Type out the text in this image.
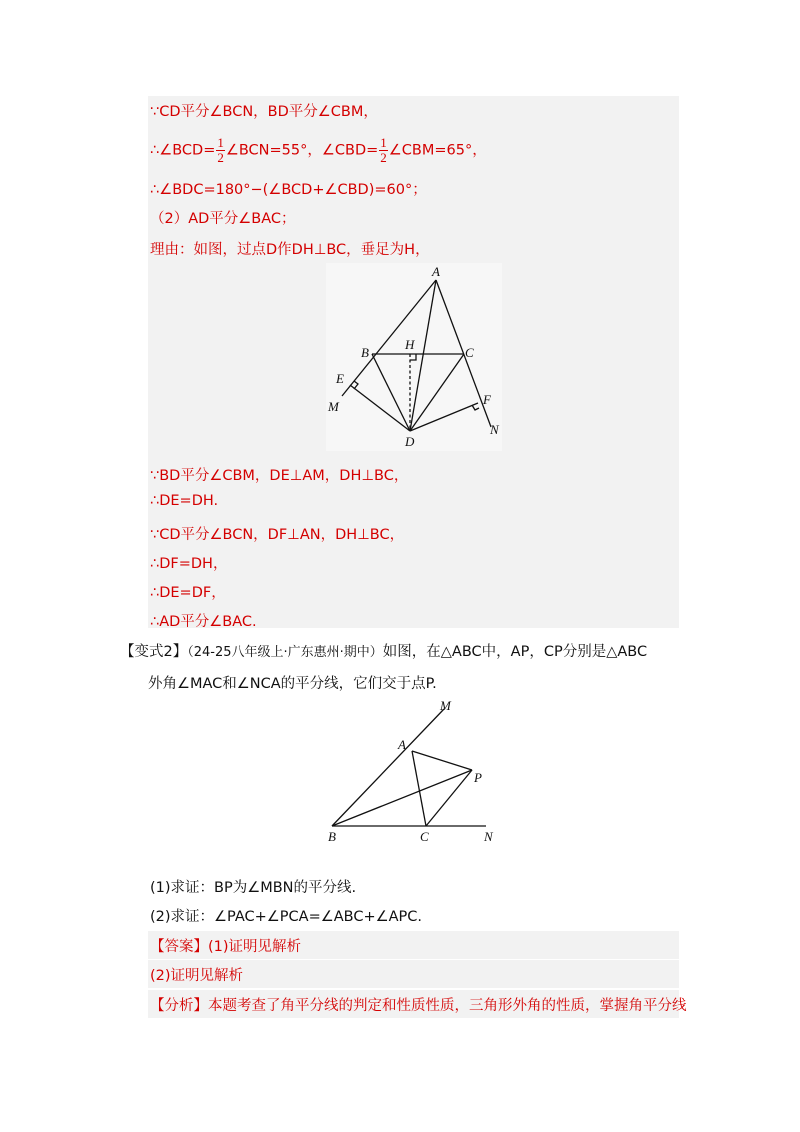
∵CD平分∠BCN，BD平分∠CBM，
∴∠BCD= $\frac{1}{2}$ ∠BCN=55°，∠CBD= $\frac{1}{2}$ ∠CBM=65°，
∴∠BDC=180°−(∠BCD+∠CBD)=60°；
（2）AD平分∠BAC；
理由：如图，过点D作DH⊥BC，垂足为H，
A
B	C
D
E
F
H
M
N
∵BD平分∠CBM，DE⊥AM，DH⊥BC，
∴DE=DH.
∵CD平分∠BCN，DF⊥AN，DH⊥BC，
∴DF=DH，
∴DE=DF，
∴AD平分∠BAC.
【变式2】（24-25八年级上·广东惠州·期中）如图，在△ABC中，AP，CP分别是△ABC
外角∠MAC和∠NCA的平分线，它们交于点P.
M
A
P
B	C	N
(1)求证：BP为∠MBN的平分线.
(2)求证：∠PAC+∠PCA=∠ABC+∠APC.
【答案】(1)证明见解析
(2)证明见解析
【分析】本题考查了角平分线的判定和性质性质，三角形外角的性质，掌握角平分线
